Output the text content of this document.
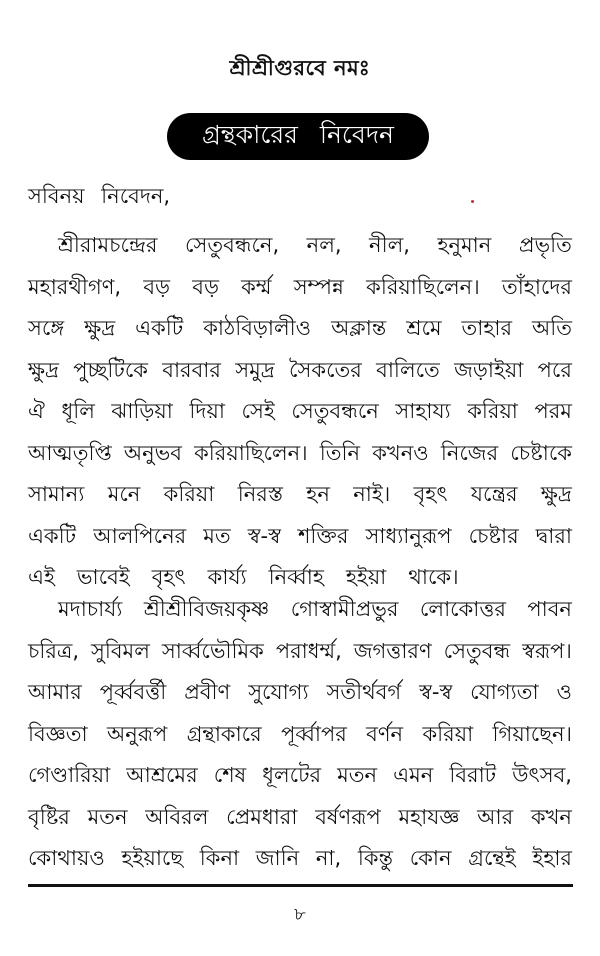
শ্রীশ্রীগুরবে নমঃ
গ্রন্থকারের নিবেদন
সবিনয় নিবেদন,
শ্রীরামচন্দ্রের সেতুবন্ধনে, নল, নীল, হনুমান প্রভৃতি
মহারথীগণ, বড় বড় কর্ম্ম সম্পন্ন করিয়াছিলেন। তাঁহাদের
সঙ্গে ক্ষুদ্র একটি কাঠবিড়ালীও অক্লান্ত শ্রমে তাহার অতি
ক্ষুদ্র পুচ্ছটিকে বারবার সমুদ্র সৈকতের বালিতে জড়াইয়া পরে
ঐ ধূলি ঝাড়িয়া দিয়া সেই সেতুবন্ধনে সাহায্য করিয়া পরম
আত্মতৃপ্তি অনুভব করিয়াছিলেন। তিনি কখনও নিজের চেষ্টাকে
সামান্য মনে করিয়া নিরস্ত হন নাই। বৃহৎ যন্ত্রের ক্ষুদ্র
একটি আলপিনের মত স্ব-স্ব শক্তির সাধ্যানুরূপ চেষ্টার দ্বারা
এই ভাবেই বৃহৎ কার্য্য নির্ব্বাহ হইয়া থাকে।
মদাচার্য্য শ্রীশ্রীবিজয়কৃষ্ণ গোস্বামীপ্রভুর লোকোত্তর পাবন
চরিত্র, সুবিমল সার্ব্বভৌমিক পরাধর্ম্ম, জগত্তারণ সেতুবন্ধ স্বরূপ।
আমার পূর্ব্ববর্ত্তী প্রবীণ সুযোগ্য সতীর্থবর্গ স্ব-স্ব যোগ্যতা ও
বিজ্ঞতা অনুরূপ গ্রন্থাকারে পূর্ব্বাপর বর্ণন করিয়া গিয়াছেন।
গেণ্ডারিয়া আশ্রমের শেষ ধূলটের মতন এমন বিরাট উৎসব,
বৃষ্টির মতন অবিরল প্রেমধারা বর্ষণরূপ মহাযজ্ঞ আর কখন
কোথায়ও হইয়াছে কিনা জানি না, কিন্তু কোন গ্রন্থেই ইহার
৮
